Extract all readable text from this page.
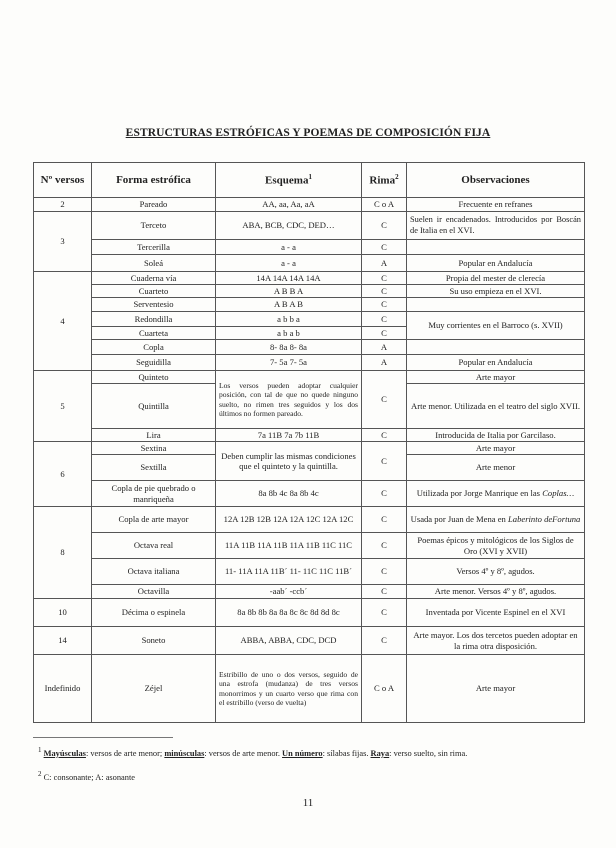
ESTRUCTURAS ESTRÓFICAS Y POEMAS DE COMPOSICIÓN FIJA
Nº versos	Forma estrófica	Esquema$^1$	Rima$^2$	Observaciones
2	Pareado	AA, aa, Aa, aA	C o A	Frecuente en refranes
3	Terceto	ABA, BCB, CDC, DED…	C	Suelen ir encadenados. Introducidos por Boscán de Italia en el XVI.
	Tercerilla	a - a	C	
	Soleá	a - a	A	Popular en Andalucía
4	Cuaderna vía	14A 14A 14A 14A	C	Propia del mester de clerecía
	Cuarteto	A B B A	C	Su uso empieza en el XVI.
	Serventesio	A B A B	C	
	Redondilla	a b b a	C	Muy corrientes en el Barroco (s. XVII)
	Cuarteta	a b a b	C	
	Copla	8- 8a 8- 8a	A	
	Seguidilla	7- 5a 7- 5a	A	Popular en Andalucía
5	Quinteto	Los versos pueden adoptar cualquier posición, con tal de que no quede ninguno suelto, no rimen tres seguidos y los dos últimos no formen pareado.	C	Arte mayor
	Quintilla			Arte menor. Utilizada en el teatro del siglo XVII.
	Lira	7a 11B 7a 7b 11B	C	Introducida de Italia por Garcilaso.
6	Sextina	Deben cumplir las mismas condiciones que el quinteto y la quintilla.	C	Arte mayor
	Sextilla			Arte menor
	Copla de pie quebrado o manriqueña	8a 8b 4c 8a 8b 4c	C	Utilizada por Jorge Manrique en las Coplas…
8	Copla de arte mayor	12A 12B 12B 12A 12A 12C 12A 12C	C	Usada por Juan de Mena en Laberinto deFortuna
	Octava real	11A 11B 11A 11B 11A 11B 11C 11C	C	Poemas épicos y mitológicos de los Siglos de Oro (XVI y XVII)
	Octava italiana	11- 11A 11A 11B´ 11- 11C 11C 11B´	C	Versos 4º y 8º, agudos.
	Octavilla	-aab´ -ccb´	C	Arte menor. Versos 4º y 8º, agudos.
10	Décima o espinela	8a 8b 8b 8a 8a 8c 8c 8d 8d 8c	C	Inventada por Vicente Espinel en el XVI
14	Soneto	ABBA, ABBA, CDC, DCD	C	Arte mayor. Los dos tercetos pueden adoptar en la rima otra disposición.
Indefinido	Zéjel	Estribillo de uno o dos versos, seguido de una estrofa (mudanza) de tres versos monorrimos y un cuarto verso que rima con el estribillo (verso de vuelta)	C o A	Arte mayor
$^1$ Mayúsculas: versos de arte menor; minúsculas: versos de arte menor. Un número: sílabas fijas. Raya: verso suelto, sin rima.
$^2$ C: consonante; A: asonante
11
